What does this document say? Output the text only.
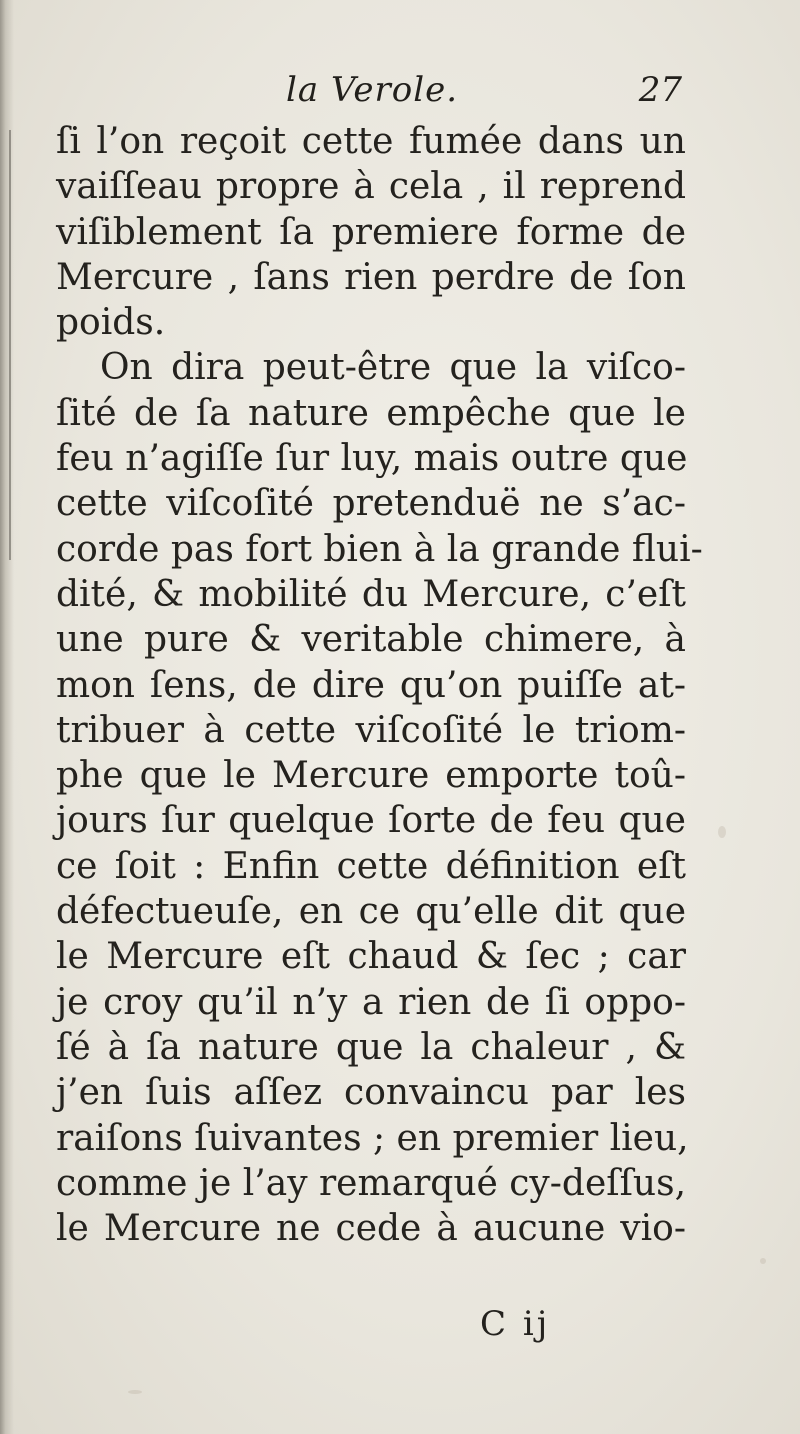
la Verole.	27
ſi l’on reçoit cette fumée dans un
vaiſſeau propre à cela , il reprend
viſiblement ſa premiere forme de
Mercure , ſans rien perdre de ſon
poids.
On dira peut-être que la viſco-
ſité de ſa nature empêche que le
feu n’agiſſe ſur luy, mais outre que
cette viſcoſité pretenduë ne s’ac-
corde pas fort bien à la grande flui-
dité, & mobilité du Mercure, c’eſt
une pure & veritable chimere, à
mon ſens, de dire qu’on puiſſe at-
tribuer à cette viſcoſité le triom-
phe que le Mercure emporte toû-
jours ſur quelque ſorte de feu que
ce ſoit : Enfin cette définition eſt
défectueuſe, en ce qu’elle dit que
le Mercure eſt chaud & ſec ; car
je croy qu’il n’y a rien de ſi oppo-
ſé à ſa nature que la chaleur , &
j’en ſuis aſſez convaincu par les
raiſons ſuivantes ; en premier lieu,
comme je l’ay remarqué cy-deſſus,
le Mercure ne cede à aucune vio-
C ij
